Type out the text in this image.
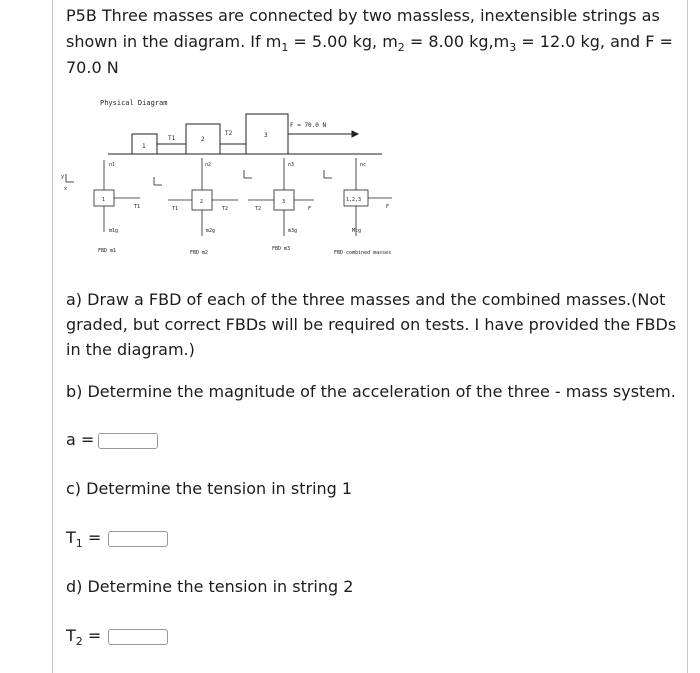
P5B Three masses are connected by two massless, inextensible strings as shown in the diagram. If $m_1 = 5.00$ kg, $m_2 = 8.00$ $kg,m_3 = 12.0$ kg, and F = 70.0 N

Physical Diagram
1
2
3
T1
T2
F = 70.0 N
y
x
1
n1
m1g
T1
FBD m1
2
n2
m2g
T1	T2
FBD m2
3
n3
m3g
T2	F
FBD m3
1,2,3
nc
Mtg
F
FBD combined masses

a) Draw a FBD of each of the three masses and the combined masses.(Not graded, but correct FBDs will be required on tests. I have provided the FBDs in the diagram.)

b) Determine the magnitude of the acceleration of the three - mass system.

a =

c) Determine the tension in string 1

$T_1$ =

d) Determine the tension in string 2

$T_2$ =
